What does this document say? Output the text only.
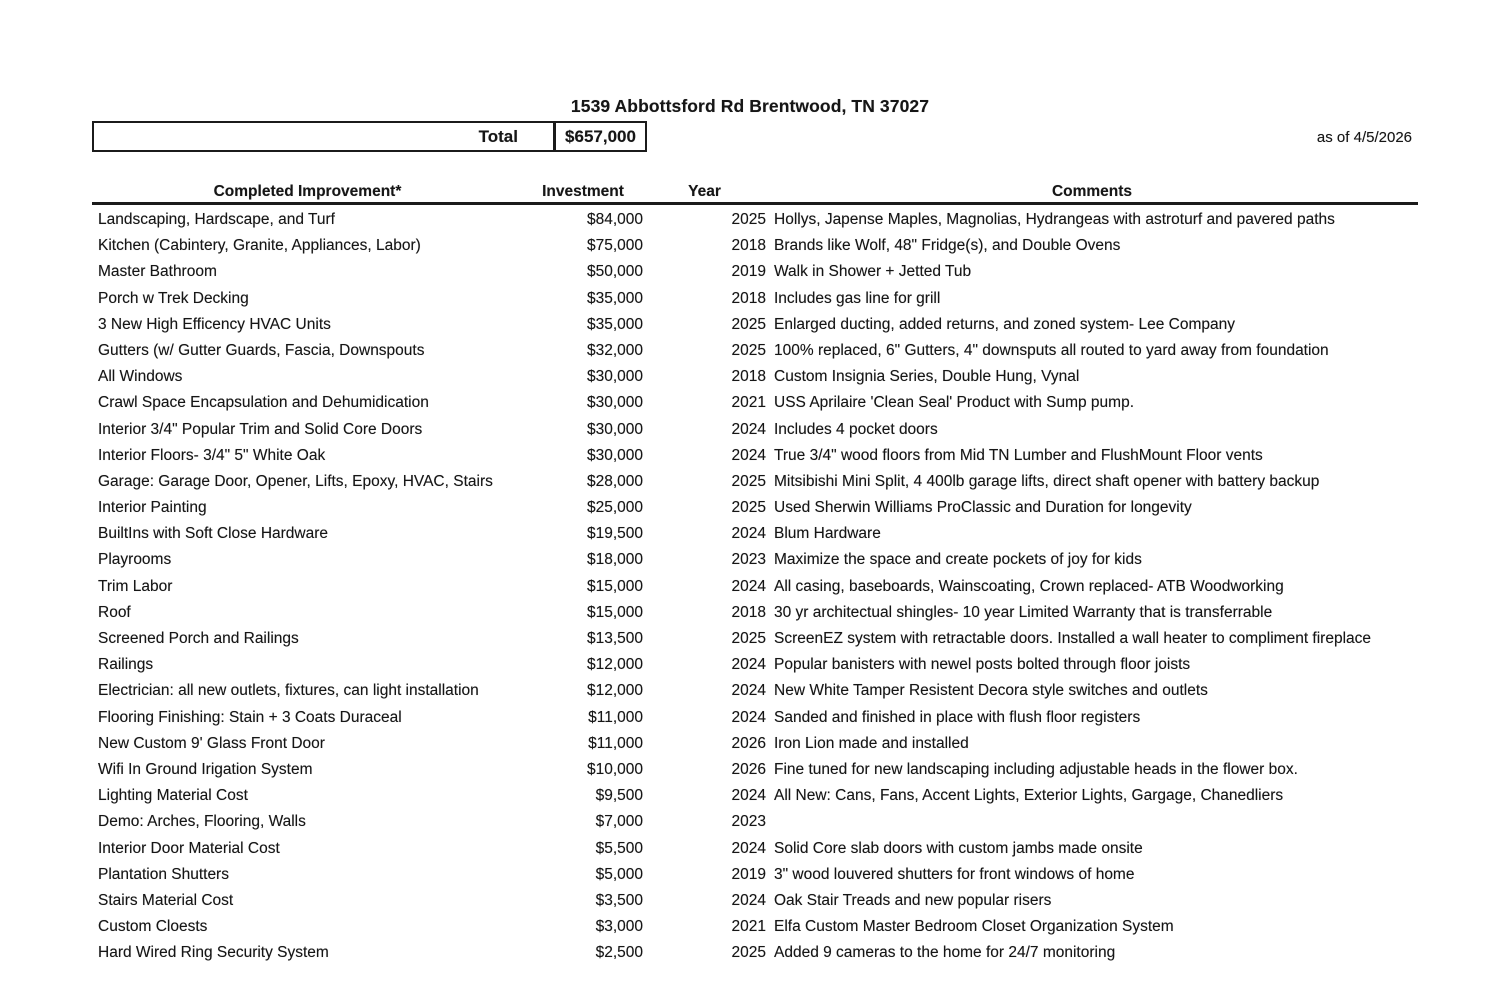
1539 Abbottsford Rd Brentwood, TN 37027
Total	$657,000	as of 4/5/2026
Completed Improvement*	Investment	Year	Comments
Landscaping, Hardscape, and Turf	$84,000	2025 Hollys, Japense Maples, Magnolias, Hydrangeas with astroturf and pavered paths
Kitchen (Cabintery, Granite, Appliances, Labor)	$75,000	2018 Brands like Wolf, 48" Fridge(s), and Double Ovens
Master Bathroom	$50,000	2019 Walk in Shower + Jetted Tub
Porch w Trek Decking	$35,000	2018 Includes gas line for grill
3 New High Efficency HVAC Units	$35,000	2025 Enlarged ducting, added returns, and zoned system- Lee Company
Gutters (w/ Gutter Guards, Fascia, Downspouts	$32,000	2025 100% replaced, 6" Gutters, 4" downsputs all routed to yard away from foundation
All Windows	$30,000	2018 Custom Insignia Series, Double Hung, Vynal
Crawl Space Encapsulation and Dehumidication	$30,000	2021 USS Aprilaire 'Clean Seal' Product with Sump pump.
Interior 3/4" Popular Trim and Solid Core Doors	$30,000	2024 Includes 4 pocket doors
Interior Floors- 3/4" 5" White Oak	$30,000	2024 True 3/4" wood floors from Mid TN Lumber and FlushMount Floor vents
Garage: Garage Door, Opener, Lifts, Epoxy, HVAC, Stairs	$28,000	2025 Mitsibishi Mini Split, 4 400lb garage lifts, direct shaft opener with battery backup
Interior Painting	$25,000	2025 Used Sherwin Williams ProClassic and Duration for longevity
BuiltIns with Soft Close Hardware	$19,500	2024 Blum Hardware
Playrooms	$18,000	2023 Maximize the space and create pockets of joy for kids
Trim Labor	$15,000	2024 All casing, baseboards, Wainscoating, Crown replaced- ATB Woodworking
Roof	$15,000	2018 30 yr architectual shingles- 10 year Limited Warranty that is transferrable
Screened Porch and Railings	$13,500	2025 ScreenEZ system with retractable doors. Installed a wall heater to compliment fireplace
Railings	$12,000	2024 Popular banisters with newel posts bolted through floor joists
Electrician: all new outlets, fixtures, can light installation	$12,000	2024 New White Tamper Resistent Decora style switches and outlets
Flooring Finishing: Stain + 3 Coats Duraceal	$11,000	2024 Sanded and finished in place with flush floor registers
New Custom 9' Glass Front Door	$11,000	2026 Iron Lion made and installed
Wifi In Ground Irigation System	$10,000	2026 Fine tuned for new landscaping including adjustable heads in the flower box.
Lighting Material Cost	$9,500	2024 All New: Cans, Fans, Accent Lights, Exterior Lights, Gargage, Chanedliers
Demo: Arches, Flooring, Walls	$7,000	2023
Interior Door Material Cost	$5,500	2024 Solid Core slab doors with custom jambs made onsite
Plantation Shutters	$5,000	2019 3" wood louvered shutters for front windows of home
Stairs Material Cost	$3,500	2024 Oak Stair Treads and new popular risers
Custom Cloests	$3,000	2021 Elfa Custom Master Bedroom Closet Organization System
Hard Wired Ring Security System	$2,500	2025 Added 9 cameras to the home for 24/7 monitoring
